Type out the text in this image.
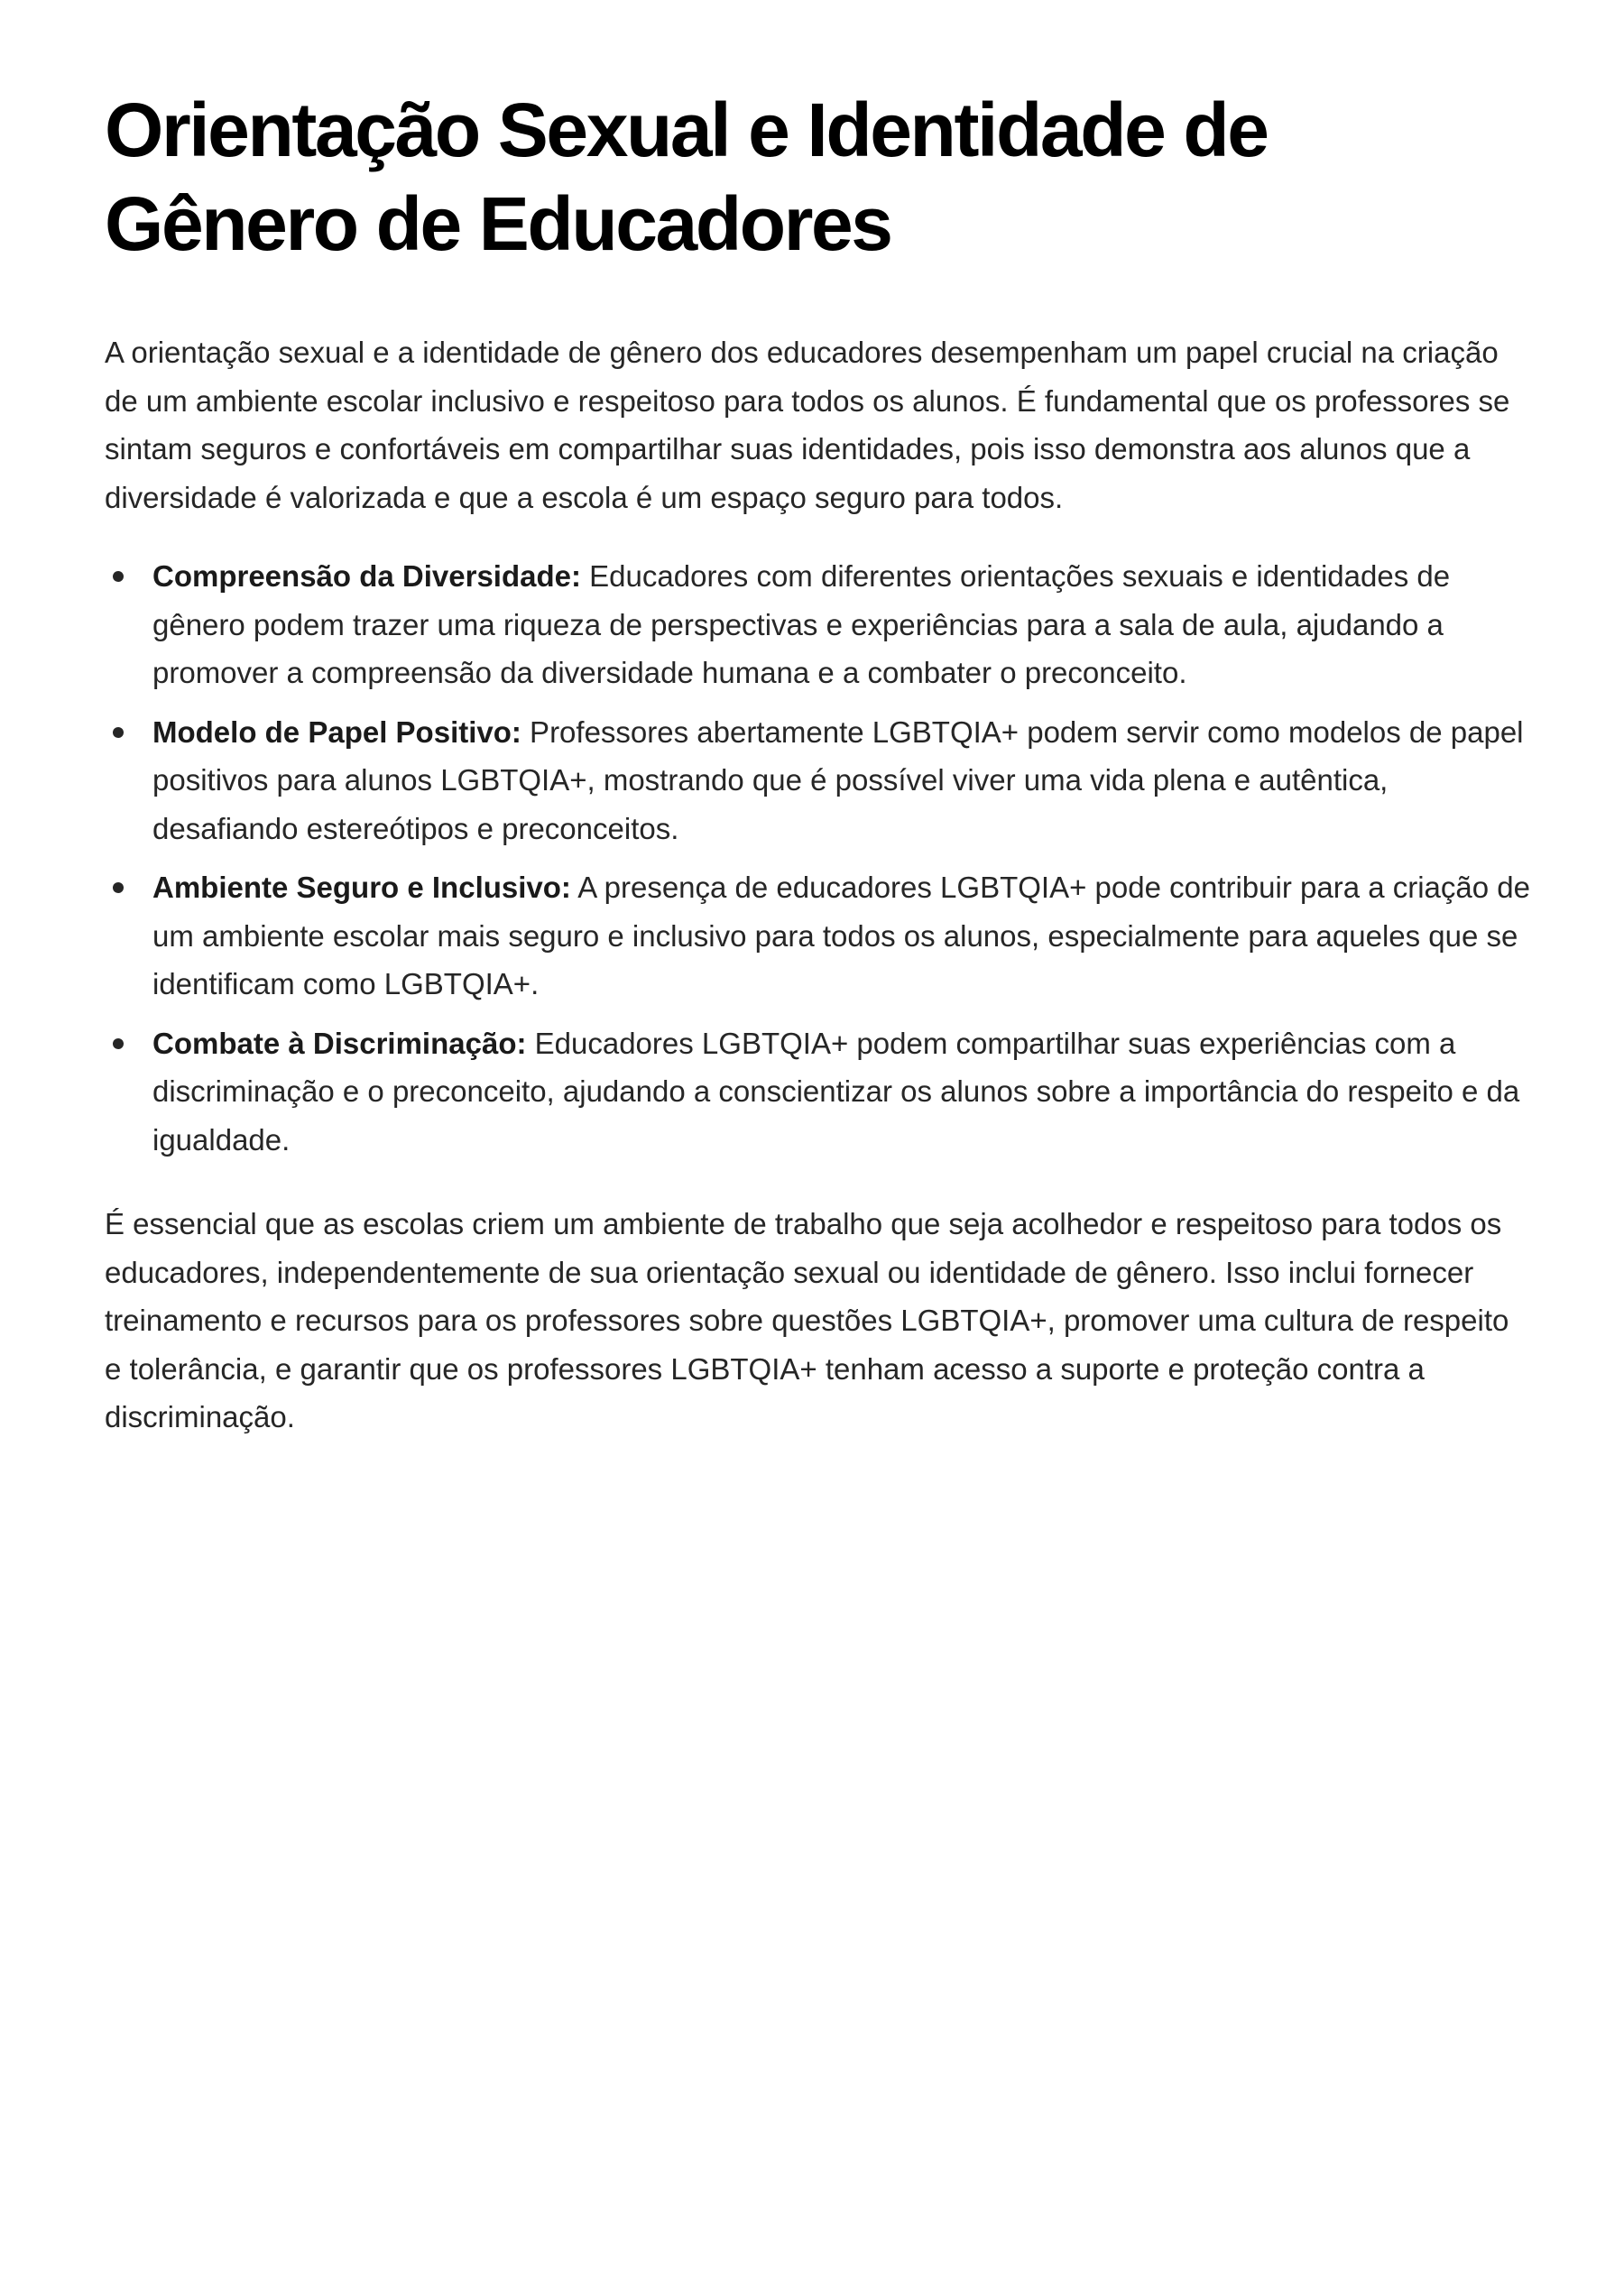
Orientação Sexual e Identidade de
Gênero de Educadores

A orientação sexual e a identidade de gênero dos educadores desempenham um papel crucial na criação de um ambiente escolar inclusivo e respeitoso para todos os alunos. É fundamental que os professores se sintam seguros e confortáveis em compartilhar suas identidades, pois isso demonstra aos alunos que a diversidade é valorizada e que a escola é um espaço seguro para todos.

Compreensão da Diversidade: Educadores com diferentes orientações sexuais e identidades de gênero podem trazer uma riqueza de perspectivas e experiências para a sala de aula, ajudando a promover a compreensão da diversidade humana e a combater o preconceito.
Modelo de Papel Positivo: Professores abertamente LGBTQIA+ podem servir como modelos de papel positivos para alunos LGBTQIA+, mostrando que é possível viver uma vida plena e autêntica, desafiando estereótipos e preconceitos.
Ambiente Seguro e Inclusivo: A presença de educadores LGBTQIA+ pode contribuir para a criação de um ambiente escolar mais seguro e inclusivo para todos os alunos, especialmente para aqueles que se identificam como LGBTQIA+.
Combate à Discriminação: Educadores LGBTQIA+ podem compartilhar suas experiências com a discriminação e o preconceito, ajudando a conscientizar os alunos sobre a importância do respeito e da igualdade.

É essencial que as escolas criem um ambiente de trabalho que seja acolhedor e respeitoso para todos os educadores, independentemente de sua orientação sexual ou identidade de gênero. Isso inclui fornecer treinamento e recursos para os professores sobre questões LGBTQIA+, promover uma cultura de respeito e tolerância, e garantir que os professores LGBTQIA+ tenham acesso a suporte e proteção contra a discriminação.
